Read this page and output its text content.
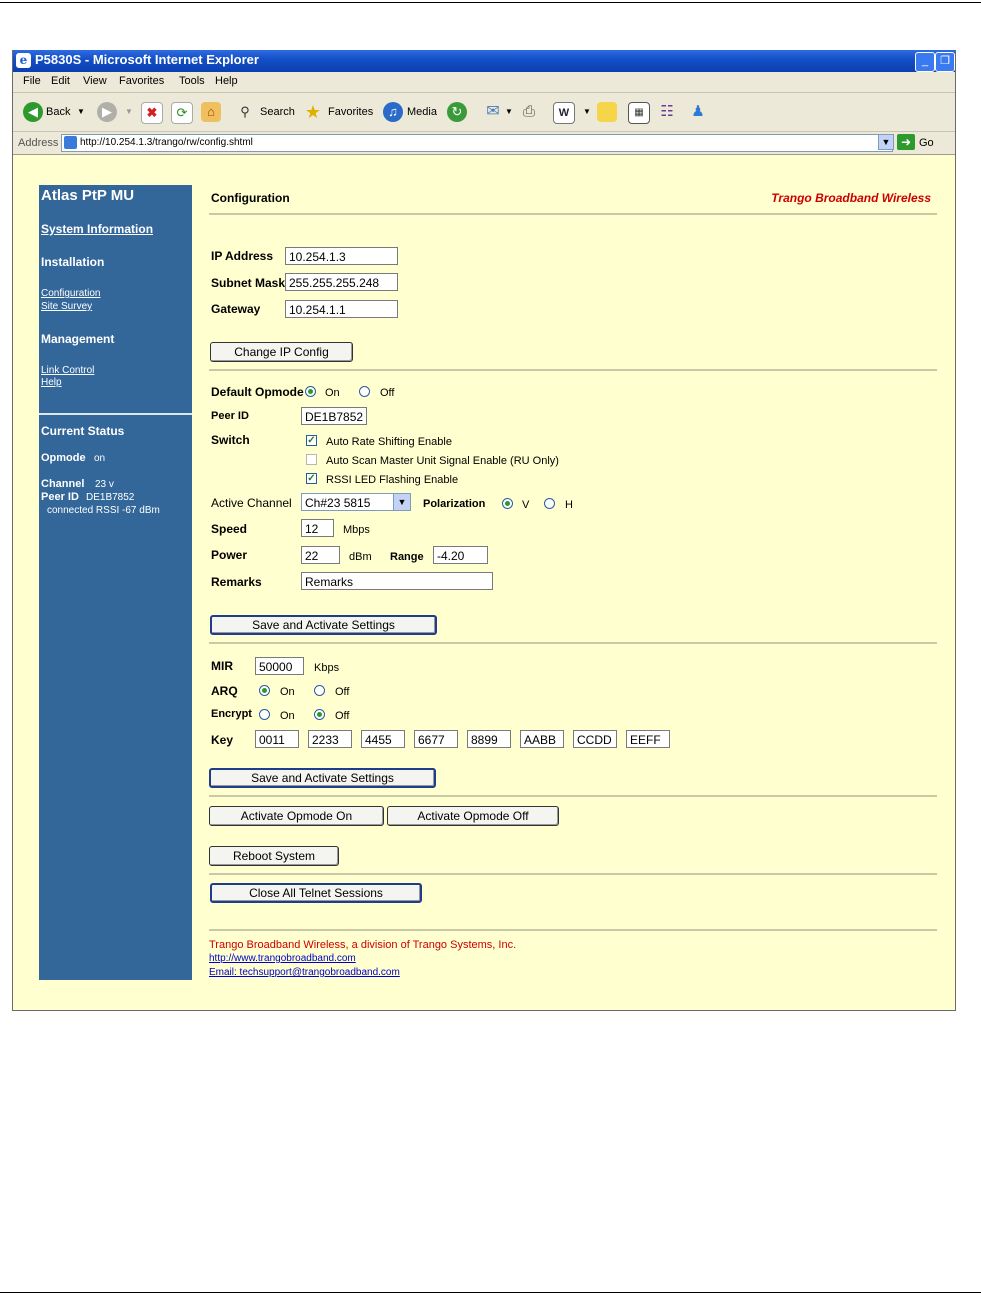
e P5830S - Microsoft Internet Explorer	_	❐
File Edit View Favorites Tools Help
◀ Back ▼	▶	▼	✖	⟳	⌂	⚲ Search ★ Favorites	♫ Media	↻ ✉ ▼ ⎙	W	▼	▦	☷ ♟
Address http://10.254.1.3/trango/rw/config.shtml	▼ ➜ Go
Atlas PtP MU
System Information
Installation
Configuration
Site Survey
Management
Link Control
Help
Current Status
Opmode on
Channel 23 v
Peer ID DE1B7852
connected RSSI -67 dBm
Configuration	Trango Broadband Wireless
IP Address	10.254.1.3
Subnet Mask 255.255.255.248
Gateway	10.254.1.1
Change IP Config
Default Opmode On	Off
Peer ID	DE1B7852
Switch	✓ Auto Rate Shifting Enable
Auto Scan Master Unit Signal Enable (RU Only)
✓ RSSI LED Flashing Enable
Active Channel	Ch#23 5815	▼	Polarization	V	H
Speed	12	Mbps
Power	22	dBm Range	-4.20
Remarks	Remarks
Save and Activate Settings
MIR	50000	Kbps
ARQ	On	Off
Encrypt	On	Off
Key	0011	2233	4455	6677	8899	AABB	CCDD	EEFF
Save and Activate Settings
Activate Opmode On	Activate Opmode Off
Reboot System
Close All Telnet Sessions
Trango Broadband Wireless, a division of Trango Systems, Inc.
http://www.trangobroadband.com
Email: techsupport@trangobroadband.com
